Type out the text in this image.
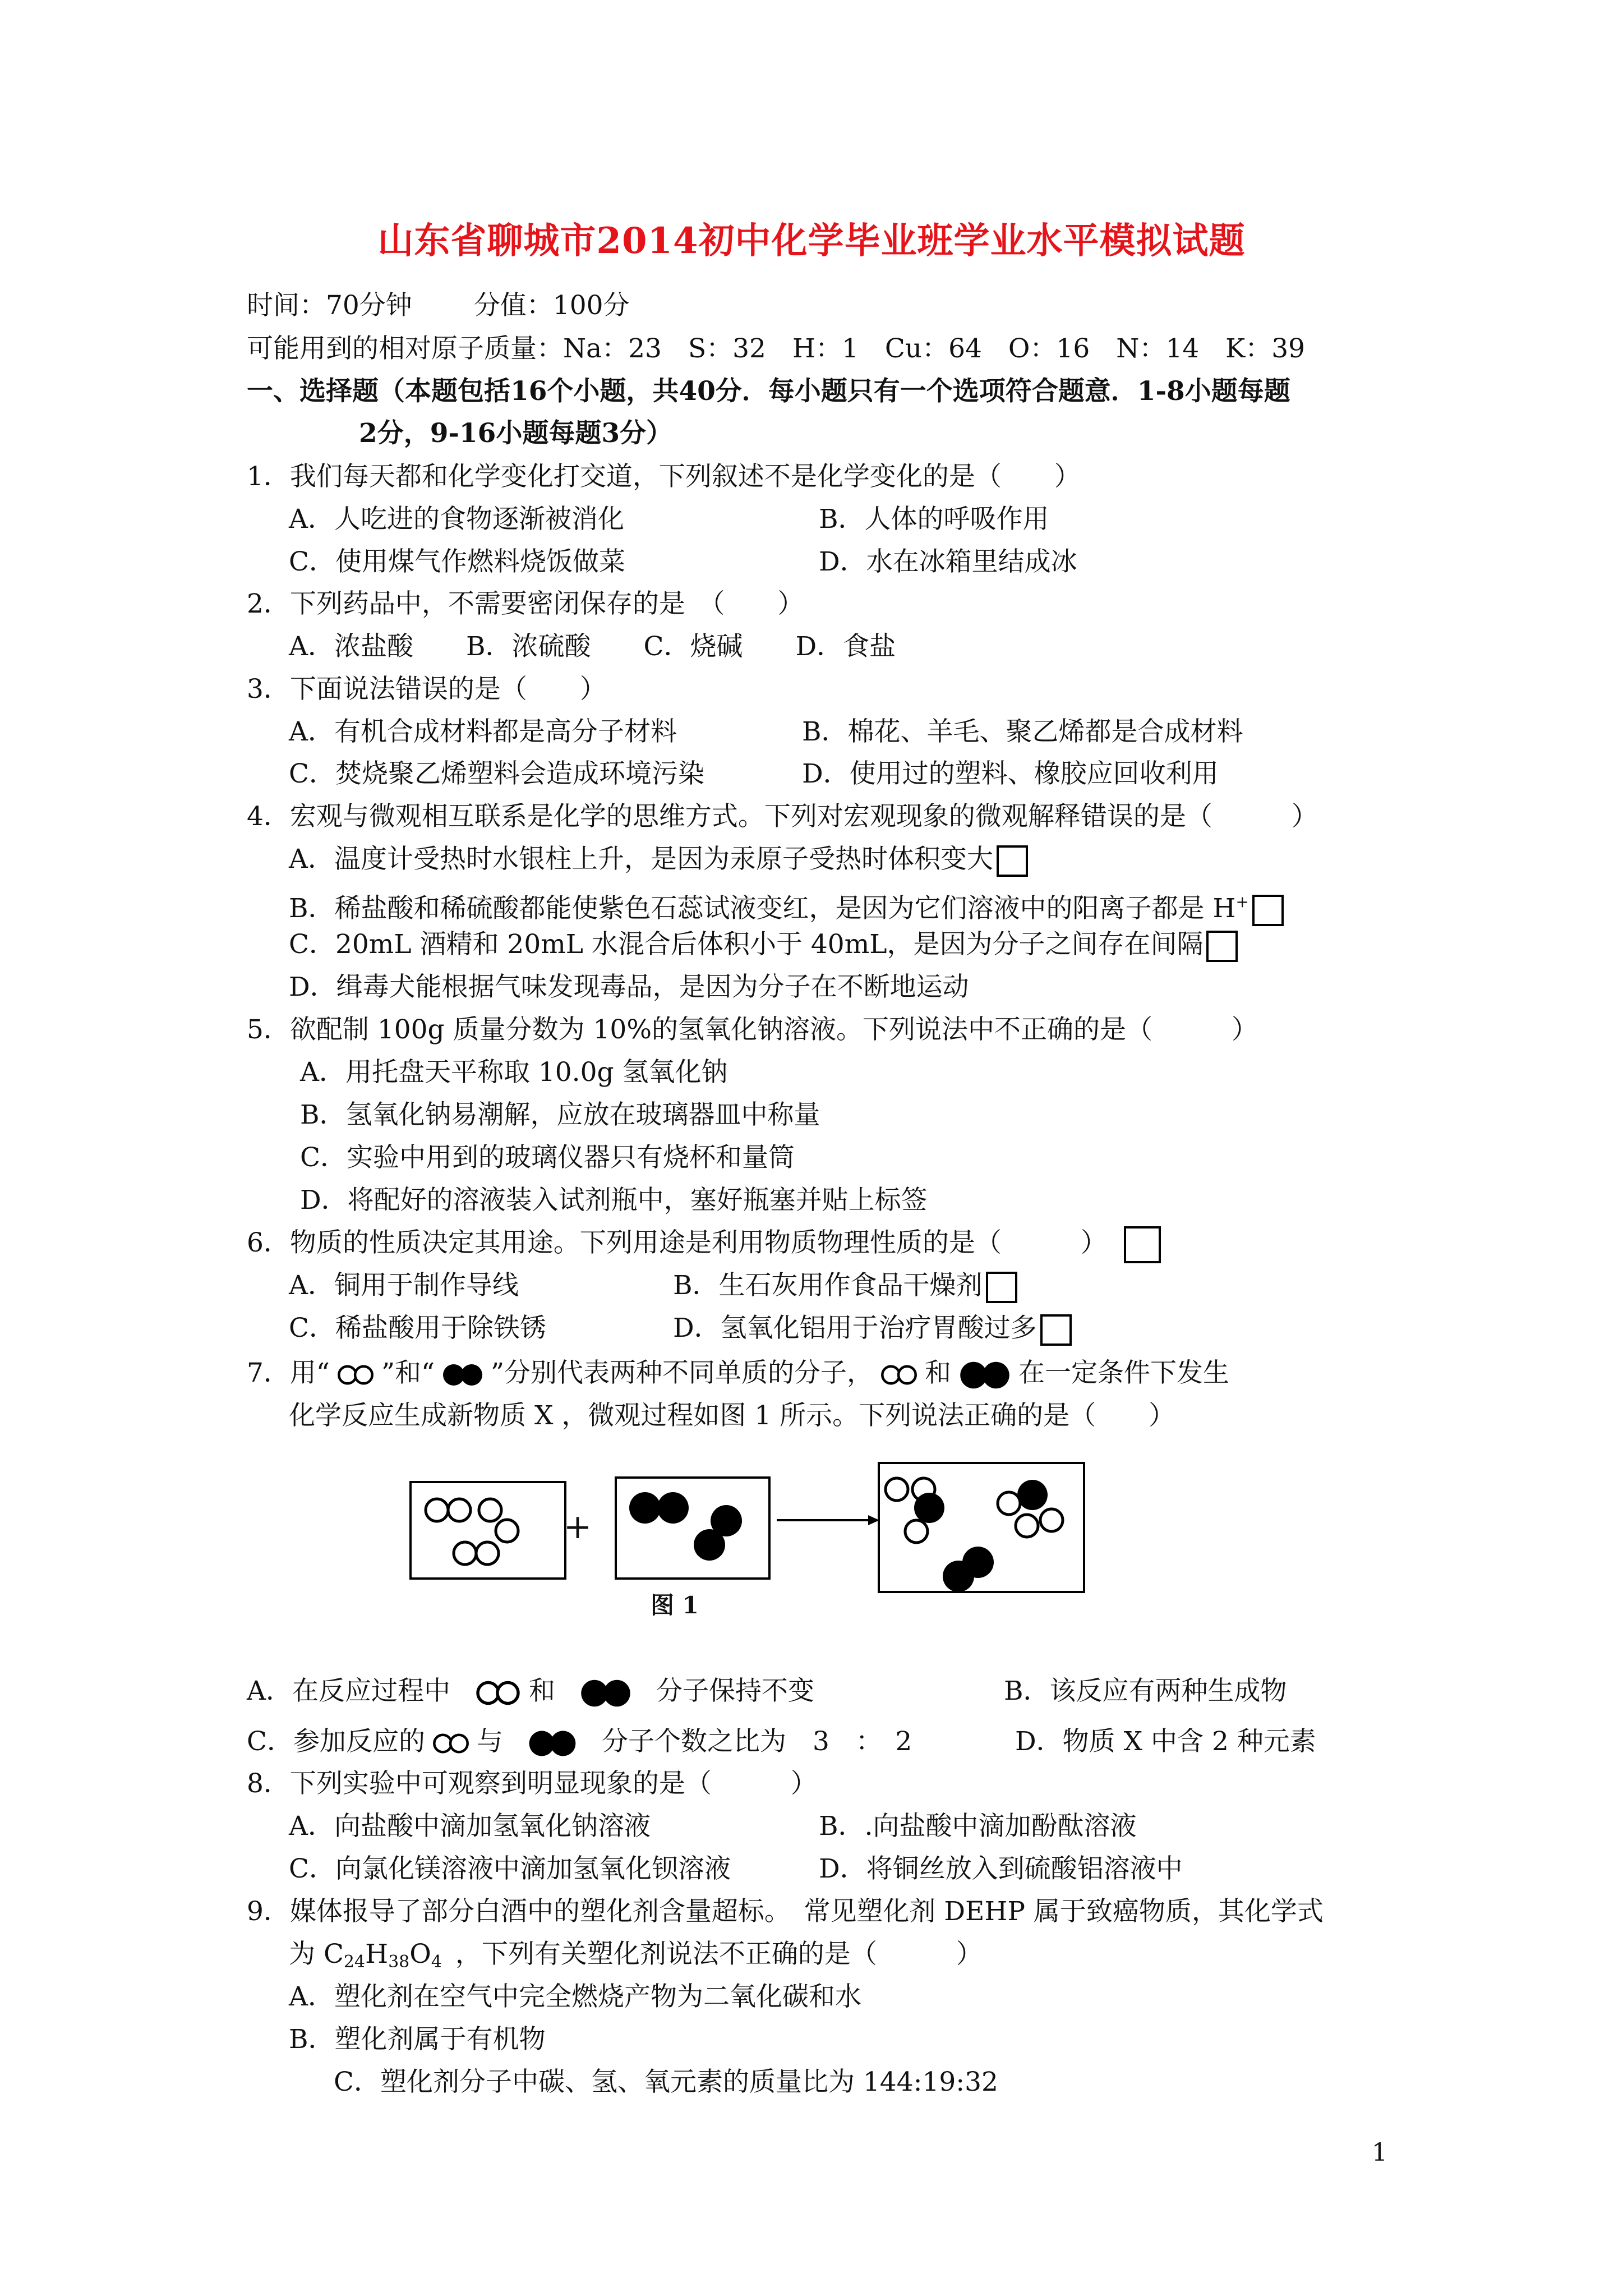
山东省聊城市2014初中化学毕业班学业水平模拟试题
时间：70分钟 分值：100分
可能用到的相对原子质量：Na：23　S：32　H：1　Cu：64　O：16　N：14　K：39
一、选择题（本题包括16个小题，共40分．每小题只有一个选项符合题意．1-8小题每题
2分，9-16小题每题3分）
1．我们每天都和化学变化打交道，下列叙述不是化学变化的是（　　）
A．人吃进的食物逐渐被消化	B．人体的呼吸作用
C．使用煤气作燃料烧饭做菜	D．水在冰箱里结成冰
2．下列药品中，不需要密闭保存的是　（　　）
A．浓盐酸　　B．浓硫酸　　C．烧碱　　D．食盐
3．下面说法错误的是（　　）
A．有机合成材料都是高分子材料	B．棉花、羊毛、聚乙烯都是合成材料
C．焚烧聚乙烯塑料会造成环境污染	D．使用过的塑料、橡胶应回收利用
4．宏观与微观相互联系是化学的思维方式。下列对宏观现象的微观解释错误的是（　　　）
A．温度计受热时水银柱上升，是因为汞原子受热时体积变大
B．稀盐酸和稀硫酸都能使紫色石蕊试液变红，是因为它们溶液中的阳离子都是 H+
C．20mL 酒精和 20mL 水混合后体积小于 40mL，是因为分子之间存在间隔
D．缉毒犬能根据气味发现毒品，是因为分子在不断地运动
5．欲配制 100g 质量分数为 10%的氢氧化钠溶液。下列说法中不正确的是（　　　）
A．用托盘天平称取 10.0g 氢氧化钠
B．氢氧化钠易潮解，应放在玻璃器皿中称量
C．实验中用到的玻璃仪器只有烧杯和量筒
D．将配好的溶液装入试剂瓶中，塞好瓶塞并贴上标签
6．物质的性质决定其用途。下列用途是利用物质物理性质的是（　　　）
A．铜用于制作导线	B．生石灰用作食品干燥剂
C．稀盐酸用于除铁锈	D．氢氧化铝用于治疗胃酸过多
7．用“ ”和“ ”分别代表两种不同单质的分子， 和	在一定条件下发生
化学反应生成新物质 X ，微观过程如图 1 所示。下列说法正确的是（　　）
+
图 1
A．在反应过程中	和	分子保持不变	B．该反应有两种生成物
C．参加反应的 与	分子个数之比为　3　：　2	D．物质 X 中含 2 种元素
8．下列实验中可观察到明显现象的是（　　　）
A．向盐酸中滴加氢氧化钠溶液	B．.向盐酸中滴加酚酞溶液
C．向氯化镁溶液中滴加氢氧化钡溶液	D．将铜丝放入到硫酸铝溶液中
9．媒体报导了部分白酒中的塑化剂含量超标。　常见塑化剂 DEHP 属于致癌物质，其化学式
为 $C_{24}H_{38}O_4$ ，下列有关塑化剂说法不正确的是（　　　）
A．塑化剂在空气中完全燃烧产物为二氧化碳和水
B．塑化剂属于有机物
C．塑化剂分子中碳、氢、氧元素的质量比为 144:19:32
1
